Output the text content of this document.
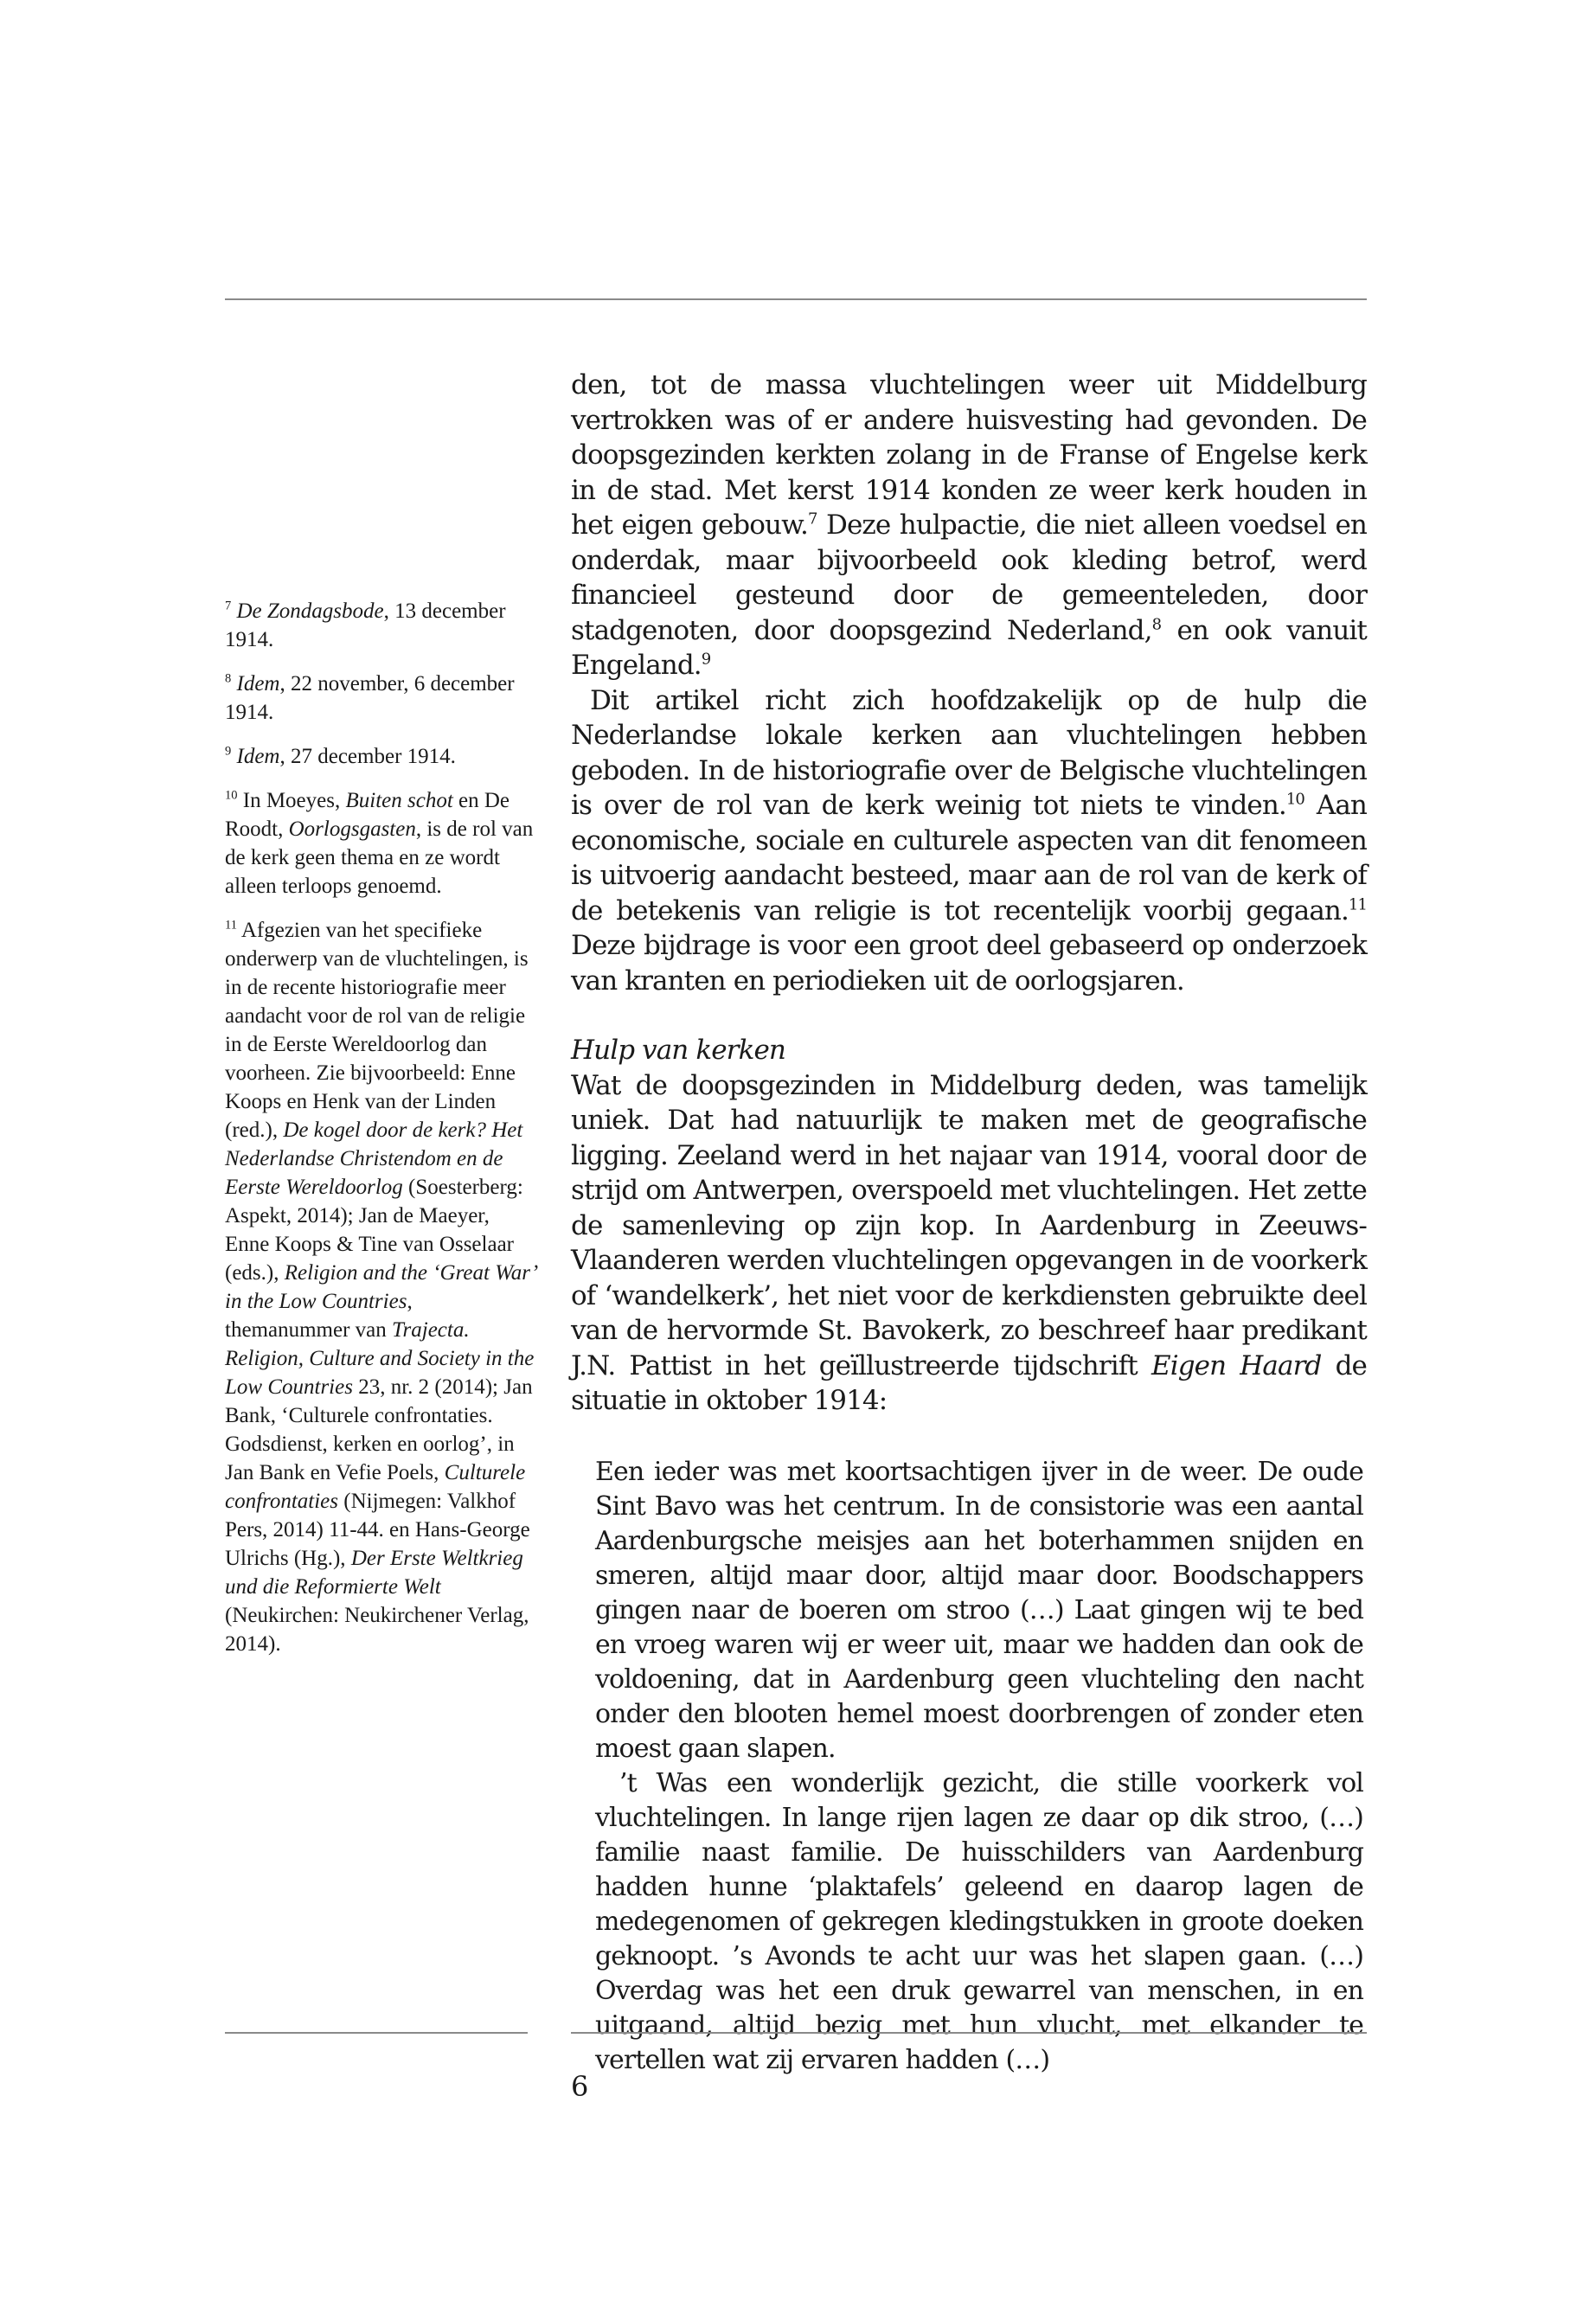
$^7$ De Zondagsbode, 13 december 1914.

$^8$ Idem, 22 november, 6 december 1914.

$^9$ Idem, 27 december 1914.

$^{10}$ In Moeyes, Buiten schot en De Roodt, Oorlogsgasten, is de rol van de kerk geen thema en ze wordt alleen terloops genoemd.

$^{11}$ Afgezien van het specifieke onderwerp van de vluchtelingen, is in de recente historiografie meer aandacht voor de rol van de religie in de Eerste Wereldoorlog dan voorheen. Zie bijvoorbeeld: Enne Koops en Henk van der Linden (red.), De kogel door de kerk? Het Nederlandse Christendom en de Eerste Wereldoorlog (Soesterberg: Aspekt, 2014); Jan de Maeyer, Enne Koops & Tine van Osselaar (eds.), Religion and the ‘Great War’ in the Low Countries, themanummer van Trajecta. Religion, Culture and Society in the Low Countries 23, nr. 2 (2014); Jan Bank, ‘Culturele confrontaties. Godsdienst, kerken en oorlog’, in Jan Bank en Vefie Poels, Culturele confrontaties (Nijmegen: Valkhof Pers, 2014) 11-44. en Hans-George Ulrichs (Hg.), Der Erste Weltkrieg und die Reformierte Welt (Neukirchen: Neukirchener Verlag, 2014).

den, tot de massa vluchtelingen weer uit Middelburg vertrokken was of er andere huisvesting had gevonden. De doopsgezinden kerkten zolang in de Franse of Engelse kerk in de stad. Met kerst 1914 konden ze weer kerk houden in het eigen gebouw.$^7$ Deze hulpactie, die niet alleen voedsel en onderdak, maar bijvoorbeeld ook kleding betrof, werd financieel gesteund door de gemeenteleden, door stadgenoten, door doopsgezind Nederland,$^8$ en ook vanuit Engeland.$^9$

Dit artikel richt zich hoofdzakelijk op de hulp die Nederlandse lokale kerken aan vluchtelingen hebben geboden. In de historiografie over de Belgische vluchtelingen is over de rol van de kerk weinig tot niets te vinden.$^{10}$ Aan economische, sociale en culturele aspecten van dit fenomeen is uitvoerig aandacht besteed, maar aan de rol van de kerk of de betekenis van religie is tot recentelijk voorbij gegaan.$^{11}$ Deze bijdrage is voor een groot deel gebaseerd op onderzoek van kranten en periodieken uit de oorlogsjaren.

Hulp van kerken

Wat de doopsgezinden in Middelburg deden, was tamelijk uniek. Dat had natuurlijk te maken met de geografische ligging. Zeeland werd in het najaar van 1914, vooral door de strijd om Antwerpen, overspoeld met vluchtelingen. Het zette de samenleving op zijn kop. In Aardenburg in Zeeuws-Vlaanderen werden vluchtelingen opgevangen in de voorkerk of ‘wandelkerk’, het niet voor de kerkdiensten gebruikte deel van de hervormde St. Bavokerk, zo beschreef haar predikant J.N. Pattist in het geïllustreerde tijdschrift Eigen Haard de situatie in oktober 1914:

Een ieder was met koortsachtigen ijver in de weer. De oude Sint Bavo was het centrum. In de consistorie was een aantal Aardenburgsche meisjes aan het boterhammen snijden en smeren, altijd maar door, altijd maar door. Boodschappers gingen naar de boeren om stroo (…) Laat gingen wij te bed en vroeg waren wij er weer uit, maar we hadden dan ook de voldoening, dat in Aardenburg geen vluchteling den nacht onder den blooten hemel moest doorbrengen of zonder eten moest gaan slapen.

’t Was een wonderlijk gezicht, die stille voorkerk vol vluchtelingen. In lange rijen lagen ze daar op dik stroo, (…) familie naast familie. De huisschilders van Aardenburg hadden hunne ‘plaktafels’ geleend en daarop lagen de medegenomen of gekregen kledingstukken in groote doeken geknoopt. ’s Avonds te acht uur was het slapen gaan. (…) Overdag was het een druk gewarrel van menschen, in en uitgaand, altijd bezig met hun vlucht, met elkander te vertellen wat zij ervaren hadden (…)

6
